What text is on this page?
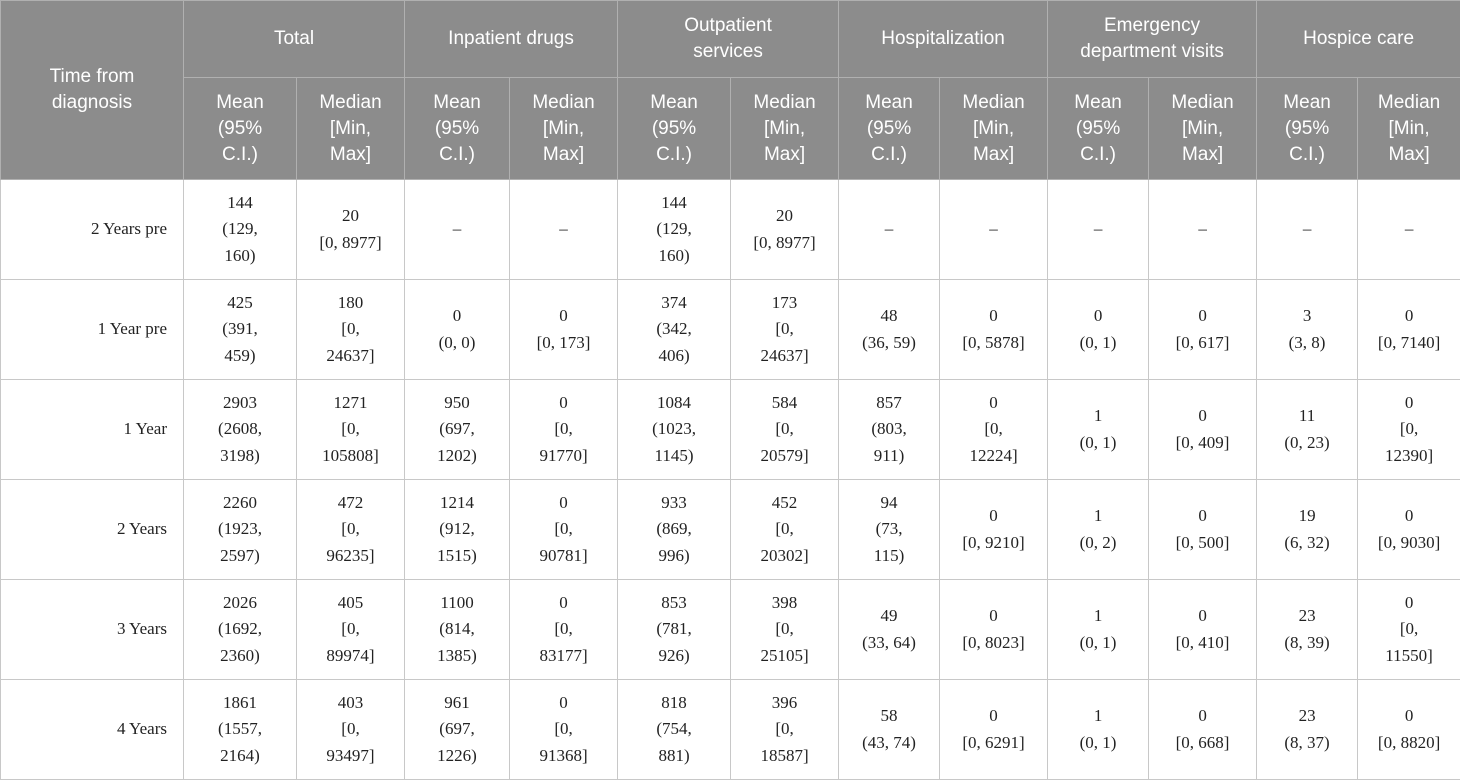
Time from
diagnosis	Total		Inpatient drugs		Outpatient
services		Hospitalization		Emergency
department visits		Hospice care	
	Mean
(95%
C.I.)	Median
[Min,
Max]	Mean
(95%
C.I.)	Median
[Min,
Max]	Mean
(95%
C.I.)	Median
[Min,
Max]	Mean
(95%
C.I.)	Median
[Min,
Max]	Mean
(95%
C.I.)	Median
[Min,
Max]	Mean
(95%
C.I.)	Median
[Min,
Max]
2 Years pre	144
(129,
160)	20
[0, 8977]	–	–	144
(129,
160)	20
[0, 8977]	–	–	–	–	–	–
1 Year pre	425
(391,
459)	180
[0,
24637]	0
(0, 0)	0
[0, 173]	374
(342,
406)	173
[0,
24637]	48
(36, 59)	0
[0, 5878]	0
(0, 1)	0
[0, 617]	3
(3, 8)	0
[0, 7140]
1 Year	2903
(2608,
3198)	1271
[0,
105808]	950
(697,
1202)	0
[0,
91770]	1084
(1023,
1145)	584
[0,
20579]	857
(803,
911)	0
[0,
12224]	1
(0, 1)	0
[0, 409]	11
(0, 23)	0
[0,
12390]
2 Years	2260
(1923,
2597)	472
[0,
96235]	1214
(912,
1515)	0
[0,
90781]	933
(869,
996)	452
[0,
20302]	94
(73,
115)	0
[0, 9210]	1
(0, 2)	0
[0, 500]	19
(6, 32)	0
[0, 9030]
3 Years	2026
(1692,
2360)	405
[0,
89974]	1100
(814,
1385)	0
[0,
83177]	853
(781,
926)	398
[0,
25105]	49
(33, 64)	0
[0, 8023]	1
(0, 1)	0
[0, 410]	23
(8, 39)	0
[0,
11550]
4 Years	1861
(1557,
2164)	403
[0,
93497]	961
(697,
1226)	0
[0,
91368]	818
(754,
881)	396
[0,
18587]	58
(43, 74)	0
[0, 6291]	1
(0, 1)	0
[0, 668]	23
(8, 37)	0
[0, 8820]
